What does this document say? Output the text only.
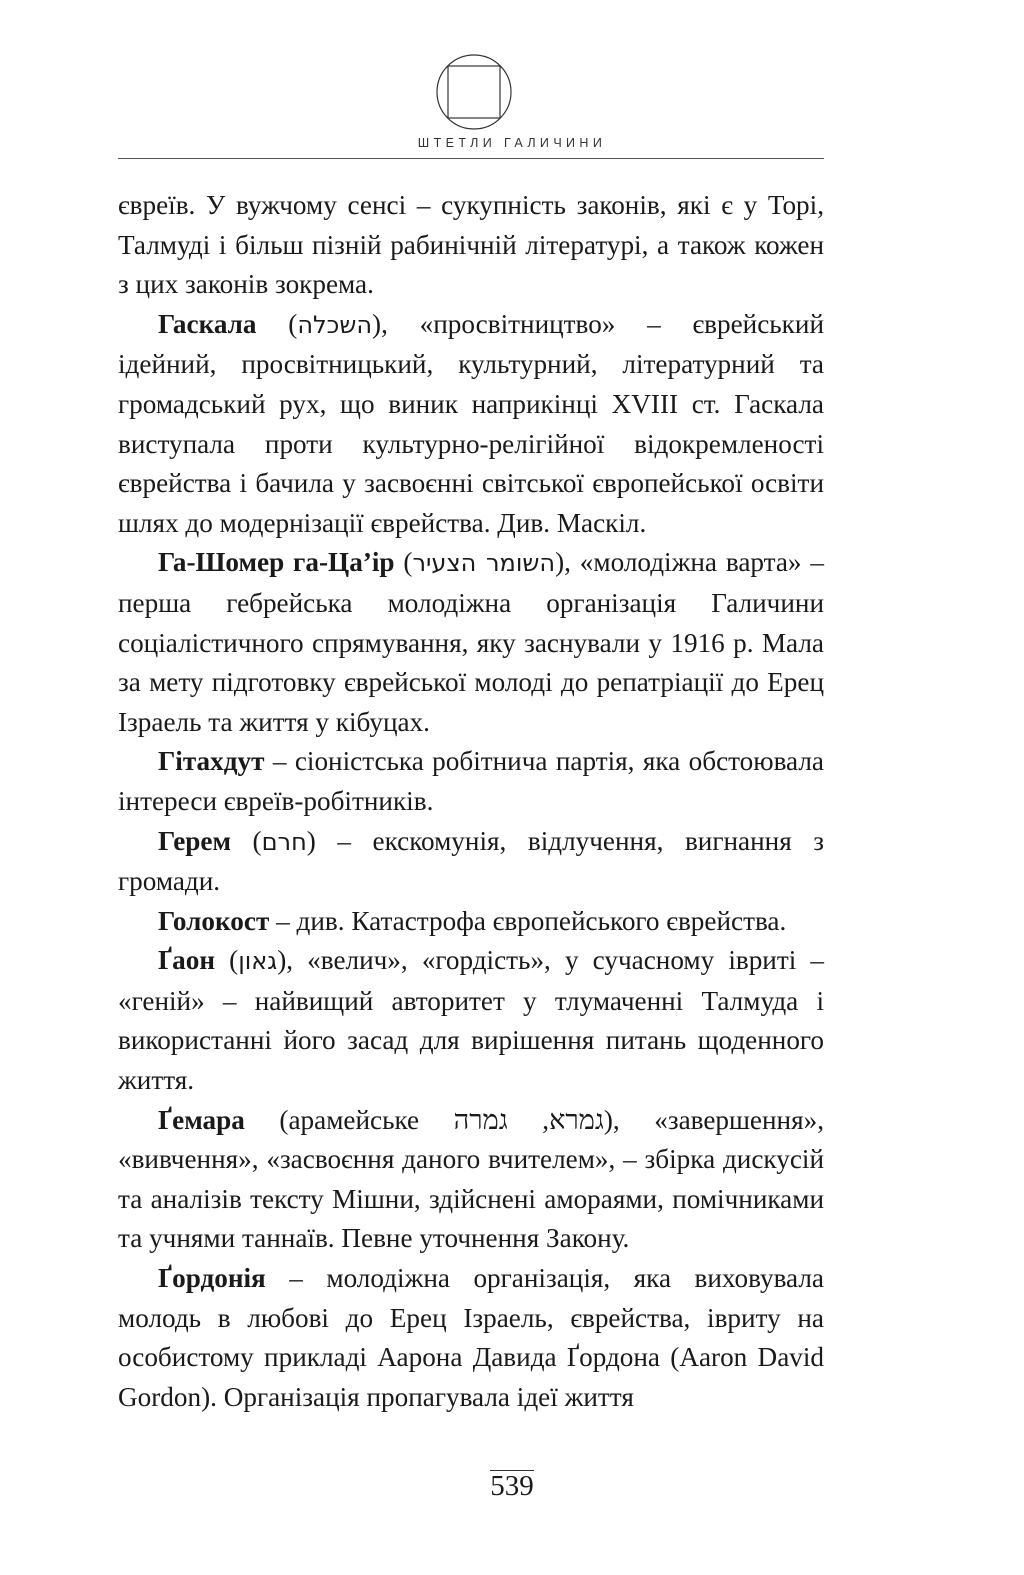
ШТЕТЛИ ГАЛИЧИНИ

євреїв. У вужчому сенсі – сукупність законів, які є у Торі, Талмуді і більш пізній рабинічній літературі, а також кожен з цих законів зокрема.

Гаскала (השכלה), «просвітництво» – єврейський ідейний, просвітницький, культурний, літературний та громадський рух, що виник наприкінці XVIII ст. Гаскала виступала проти культурно-релігійної відокремленості єврейства і бачила у засвоєнні світської європейської освіти шлях до модернізації єврейства. Див. Маскіл.

Га-Шомер га-Ца’ір (השומר הצעיר), «молодіжна варта» – перша гебрейська молодіжна організація Галичини соціалістичного спрямування, яку заснували у 1916 р. Мала за мету підготовку єврейської молоді до репатріації до Ерец Ізраель та життя у кібуцах.

Гітахдут – сіоністська робітнича партія, яка обстоювала інтереси євреїв-робітників.

Герем (חרם) – екскомунія, відлучення, вигнання з громади.

Голокост – див. Катастрофа європейського єврейства.

Ґаон (גאון), «велич», «гордість», у сучасному івриті – «геній» – найвищий авторитет у тлумаченні Талмуда і використанні його засад для вирішення питань щоденного життя.

Ґемара (арамейське גמרא, גמרה), «завершення», «вивчення», «засвоєння даного вчителем», – збірка дискусій та аналізів тексту Мішни, здійснені амораями, помічниками та учнями таннаїв. Певне уточнення Закону.

Ґордонія – молодіжна організація, яка виховувала молодь в любові до Ерец Ізраель, єврейства, івриту на особистому прикладі Аарона Давида Ґордона (Aaron David Gordon). Організація пропагувала ідеї життя

539
